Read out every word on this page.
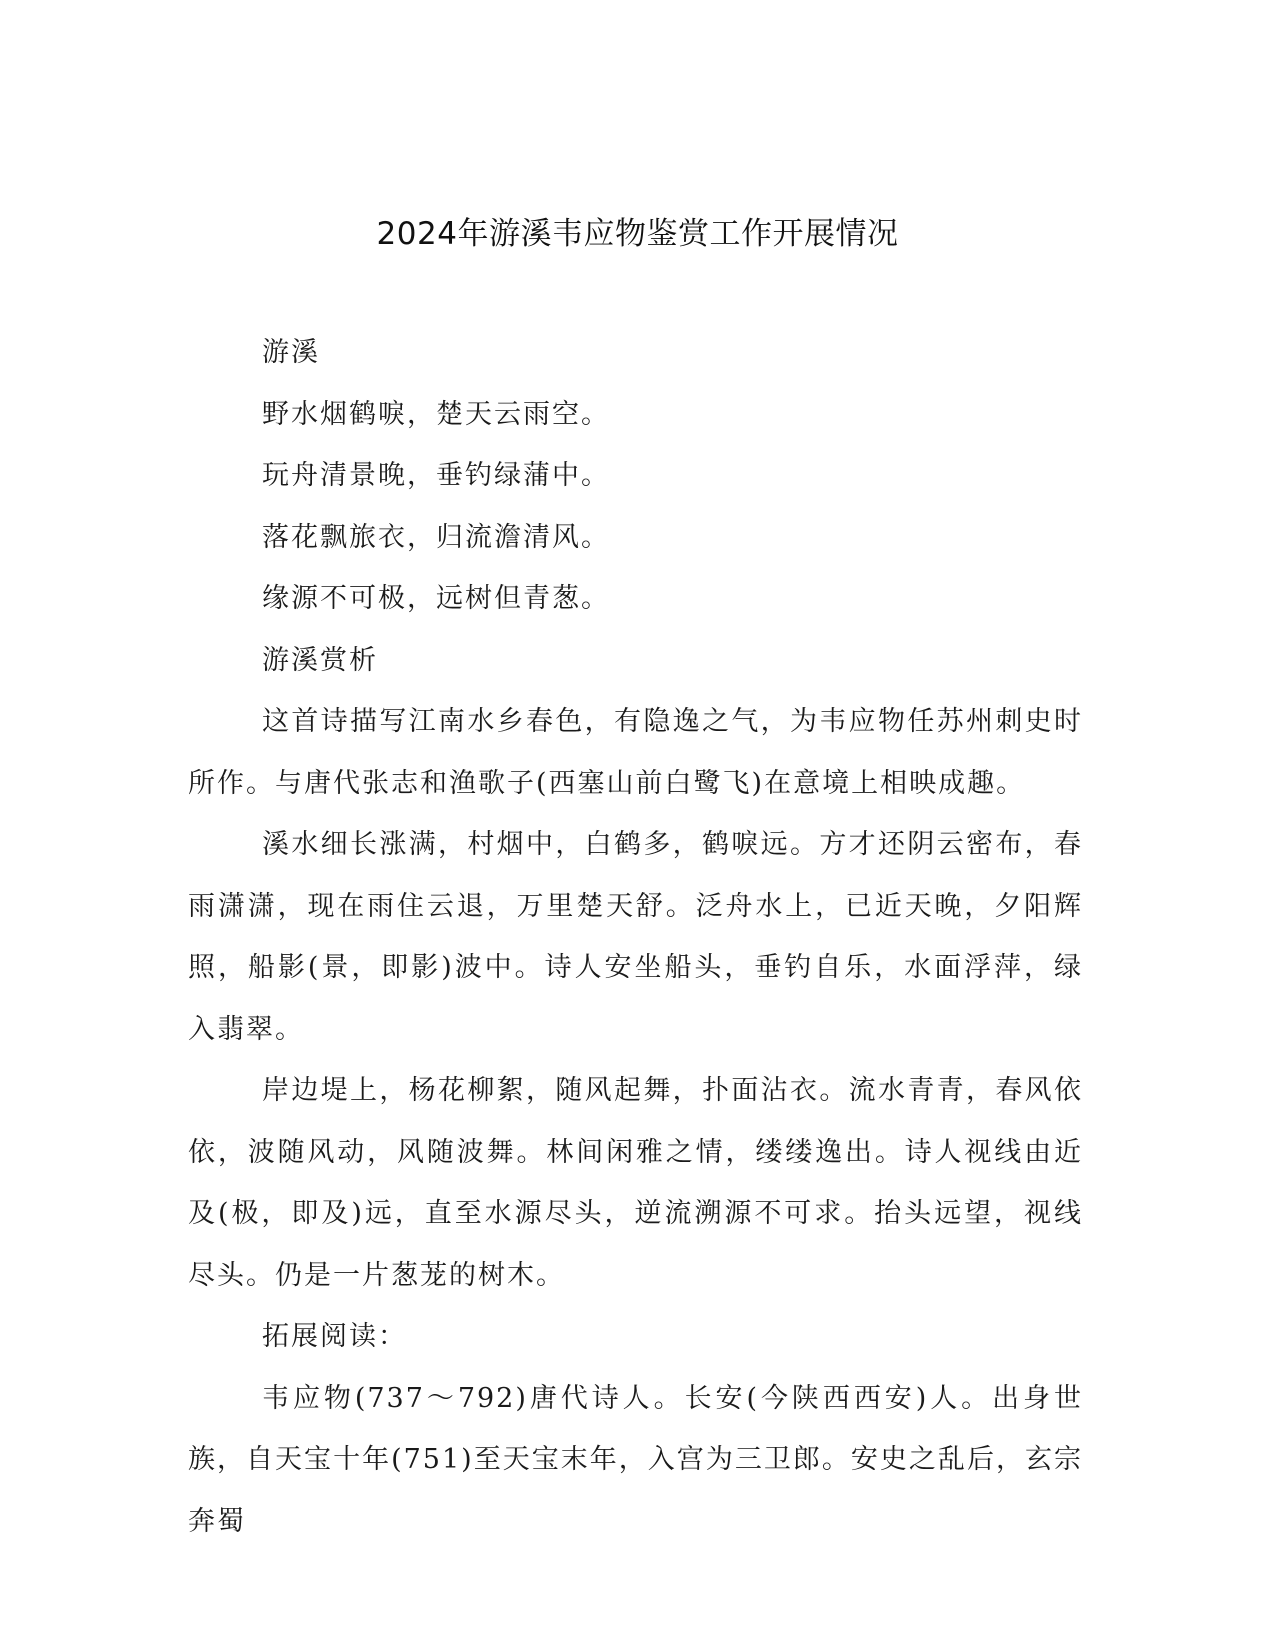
2024年游溪韦应物鉴赏工作开展情况

游溪

野水烟鹤唳，楚天云雨空。

玩舟清景晚，垂钓绿蒲中。

落花飘旅衣，归流澹清风。

缘源不可极，远树但青葱。

游溪赏析

这首诗描写江南水乡春色，有隐逸之气，为韦应物任苏州刺史时所作。与唐代张志和渔歌子(西塞山前白鹭飞)在意境上相映成趣。

溪水细长涨满，村烟中，白鹤多，鹤唳远。方才还阴云密布，春雨潇潇，现在雨住云退，万里楚天舒。泛舟水上，已近天晚，夕阳辉照，船影(景，即影)波中。诗人安坐船头，垂钓自乐，水面浮萍，绿入翡翠。

岸边堤上，杨花柳絮，随风起舞，扑面沾衣。流水青青，春风依依，波随风动，风随波舞。林间闲雅之情，缕缕逸出。诗人视线由近及(极，即及)远，直至水源尽头，逆流溯源不可求。抬头远望，视线尽头。仍是一片葱茏的树木。

拓展阅读：

韦应物(737～792)唐代诗人。长安(今陕西西安)人。出身世族，自天宝十年(751)至天宝末年，入宫为三卫郎。安史之乱后，玄宗奔蜀
